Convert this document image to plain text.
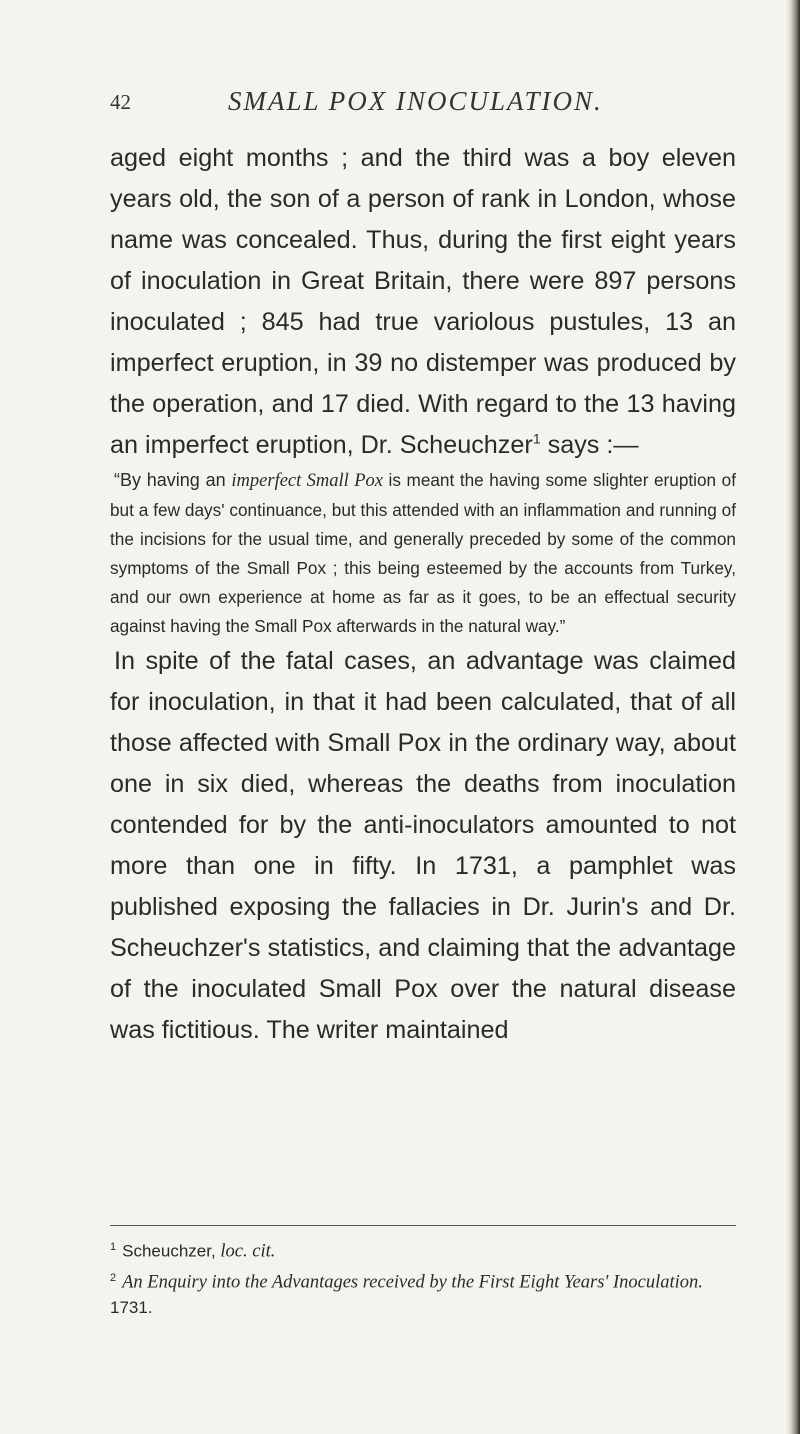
42	SMALL POX INOCULATION.

aged eight months ; and the third was a boy eleven years old, the son of a person of rank in London, whose name was concealed. Thus, during the first eight years of inoculation in Great Britain, there were 897 persons inoculated ; 845 had true variolous pustules, 13 an imperfect eruption, in 39 no distemper was produced by the operation, and 17 died. With regard to the 13 having an imperfect eruption, Dr. Scheuchzer$^1$ says :—

“By having an imperfect Small Pox is meant the having some slighter eruption of but a few days' continuance, but this attended with an inflammation and running of the incisions for the usual time, and generally preceded by some of the common symptoms of the Small Pox ; this being esteemed by the accounts from Turkey, and our own experience at home as far as it goes, to be an effectual security against having the Small Pox afterwards in the natural way.”

In spite of the fatal cases, an advantage was claimed for inoculation, in that it had been calculated, that of all those affected with Small Pox in the ordinary way, about one in six died, whereas the deaths from inoculation contended for by the anti-inoculators amounted to not more than one in fifty. In 1731, a pamphlet was published exposing the fallacies in Dr. Jurin's and Dr. Scheuchzer's statistics, and claiming that the advantage of the inoculated Small Pox over the natural disease was fictitious. The writer maintained

$^1$ Scheuchzer, loc. cit.

$^2$ An Enquiry into the Advantages received by the First Eight Years' Inoculation. 1731.
